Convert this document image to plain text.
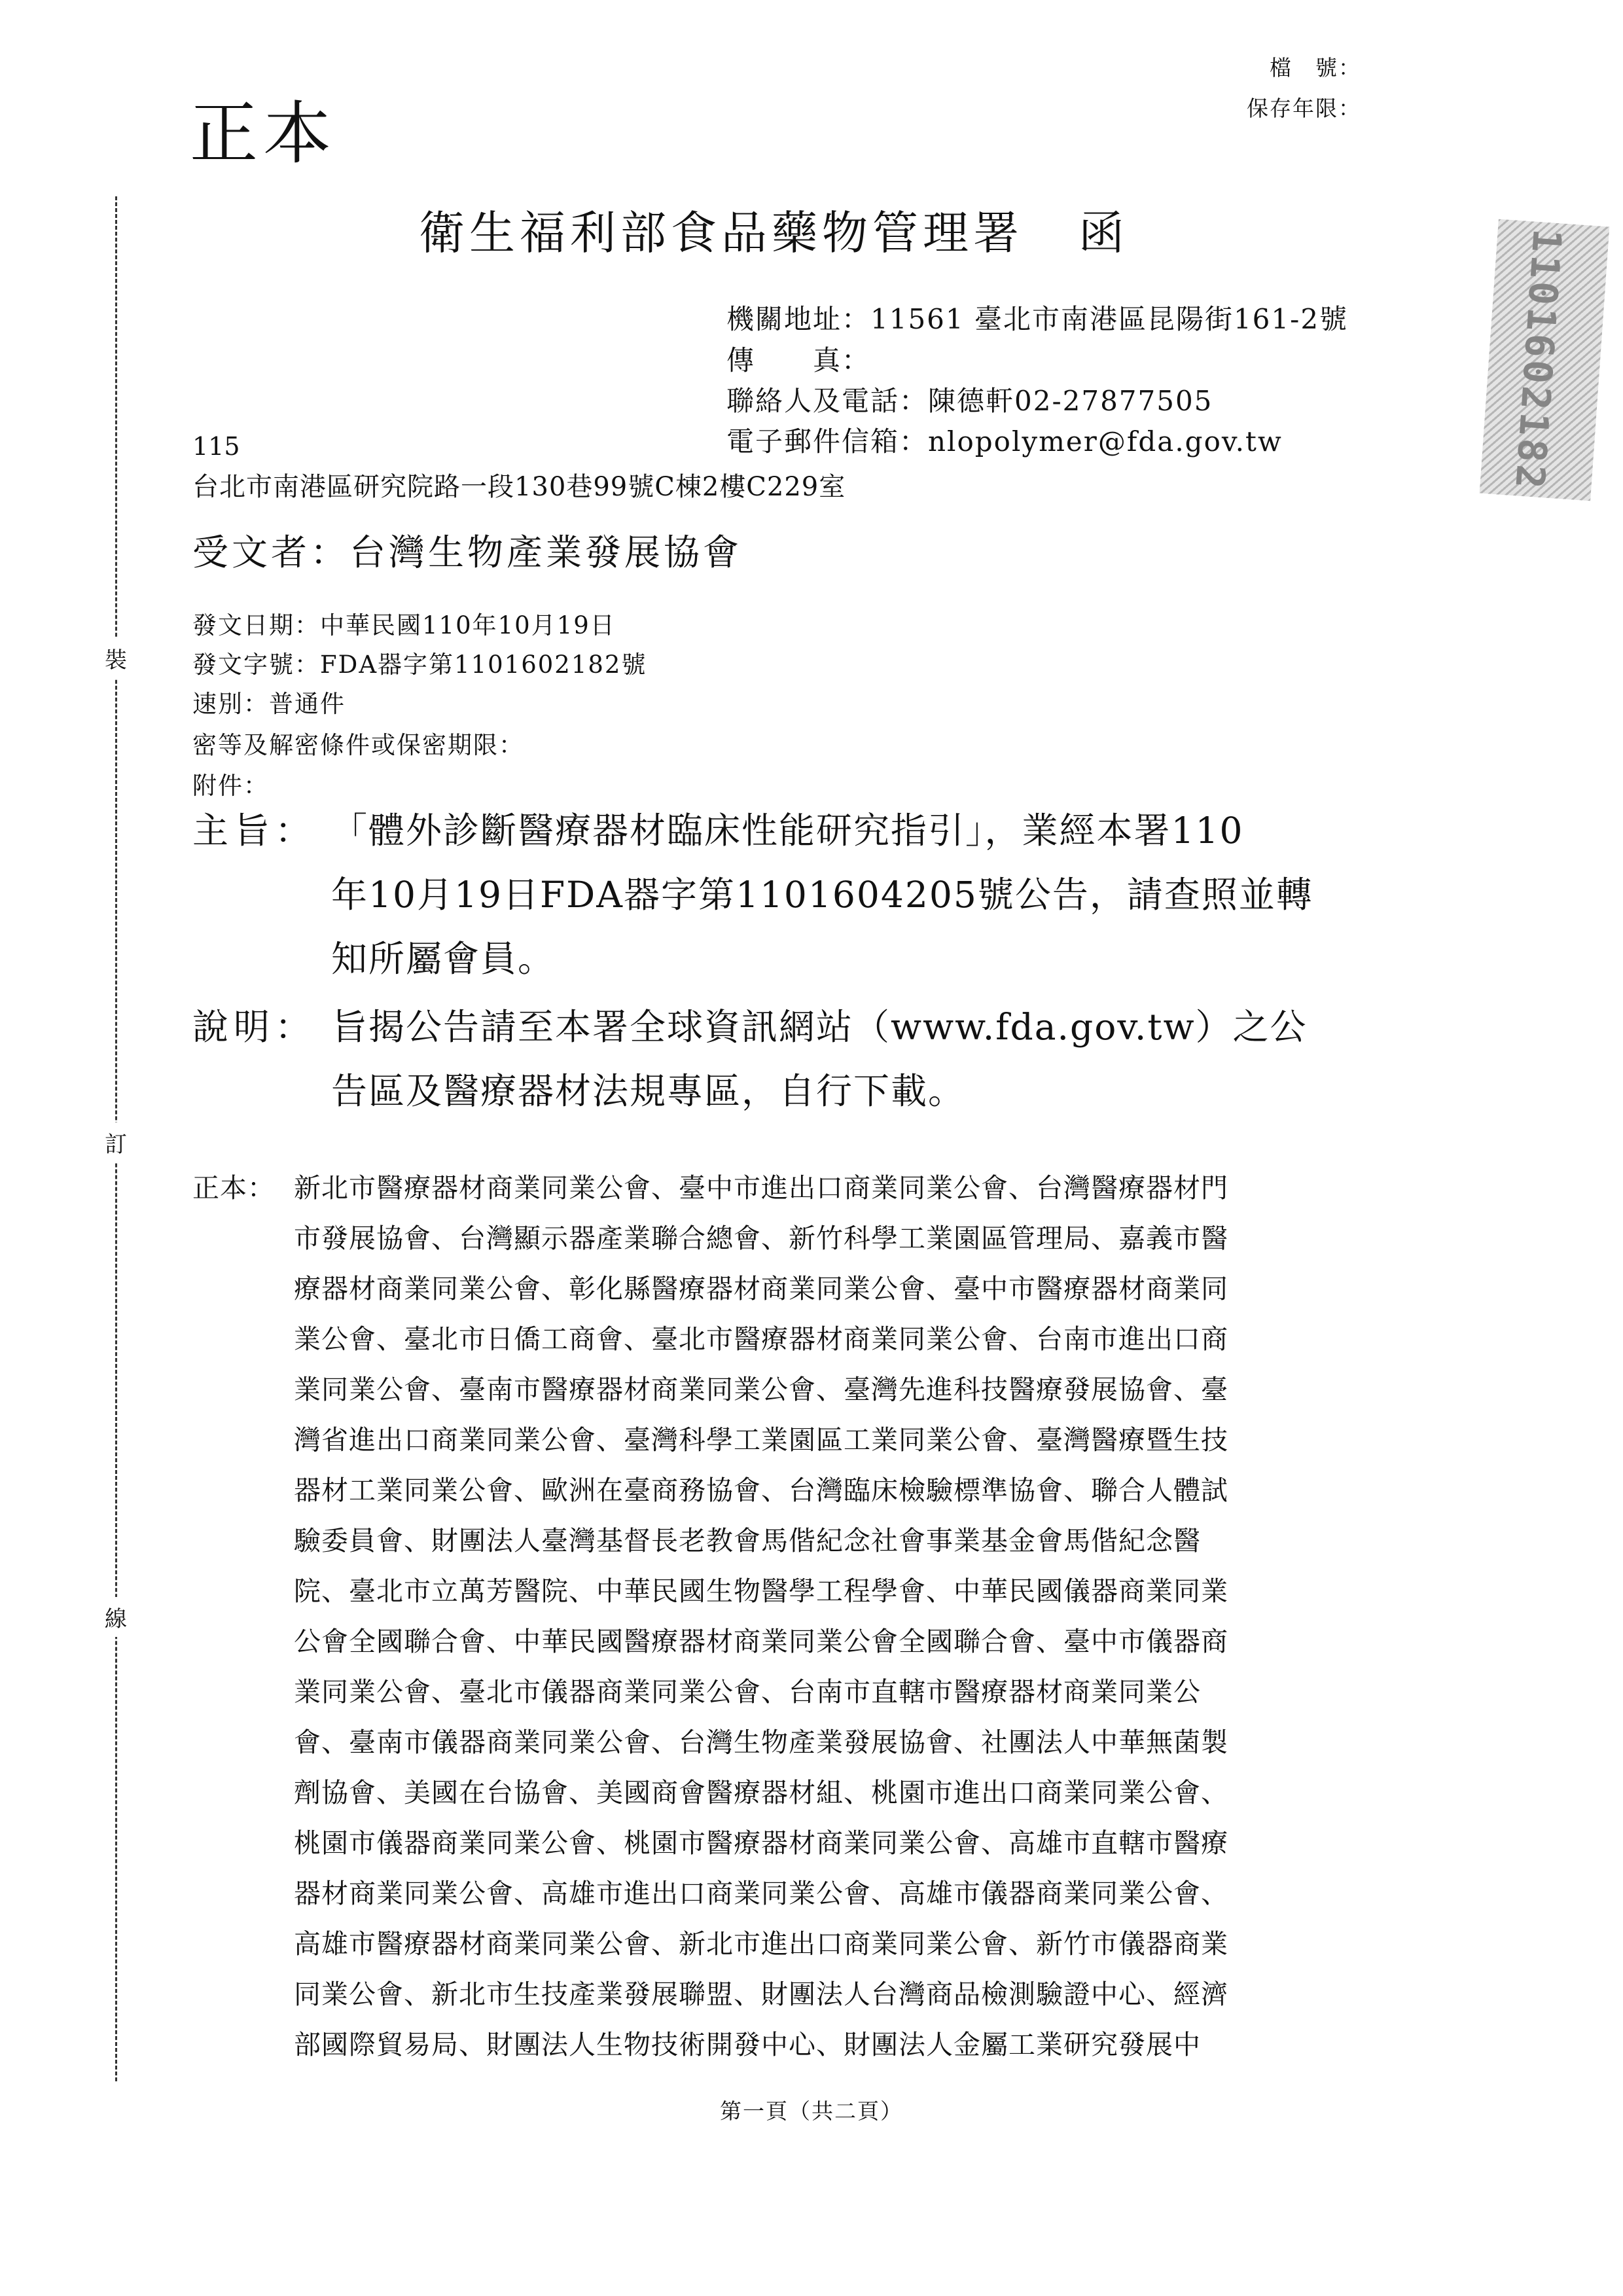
正本
檔　號：
保存年限：
衛生福利部食品藥物管理署 函
機關地址：11561 臺北市南港區昆陽街161-2號
傳　　真：
聯絡人及電話：陳德軒02-27877505
電子郵件信箱：nlopolymer@fda.gov.tw
115
台北市南港區研究院路一段130巷99號C棟2樓C229室
受文者：台灣生物產業發展協會
發文日期：中華民國110年10月19日
發文字號：FDA器字第1101602182號
速別：普通件
密等及解密條件或保密期限：
附件：
主旨： 「體外診斷醫療器材臨床性能研究指引」，業經本署110
年10月19日FDA器字第1101604205號公告，請查照並轉
知所屬會員。
說明： 旨揭公告請至本署全球資訊網站（www.fda.gov.tw）之公
告區及醫療器材法規專區，自行下載。
正本： 新北市醫療器材商業同業公會、臺中市進出口商業同業公會、台灣醫療器材門
市發展協會、台灣顯示器產業聯合總會、新竹科學工業園區管理局、嘉義市醫
療器材商業同業公會、彰化縣醫療器材商業同業公會、臺中市醫療器材商業同
業公會、臺北市日僑工商會、臺北市醫療器材商業同業公會、台南市進出口商
業同業公會、臺南市醫療器材商業同業公會、臺灣先進科技醫療發展協會、臺
灣省進出口商業同業公會、臺灣科學工業園區工業同業公會、臺灣醫療暨生技
器材工業同業公會、歐洲在臺商務協會、台灣臨床檢驗標準協會、聯合人體試
驗委員會、財團法人臺灣基督長老教會馬偕紀念社會事業基金會馬偕紀念醫
院、臺北市立萬芳醫院、中華民國生物醫學工程學會、中華民國儀器商業同業
公會全國聯合會、中華民國醫療器材商業同業公會全國聯合會、臺中市儀器商
業同業公會、臺北市儀器商業同業公會、台南市直轄市醫療器材商業同業公
會、臺南市儀器商業同業公會、台灣生物產業發展協會、社團法人中華無菌製
劑協會、美國在台協會、美國商會醫療器材組、桃園市進出口商業同業公會、
桃園市儀器商業同業公會、桃園市醫療器材商業同業公會、高雄市直轄市醫療
器材商業同業公會、高雄市進出口商業同業公會、高雄市儀器商業同業公會、
高雄市醫療器材商業同業公會、新北市進出口商業同業公會、新竹市儀器商業
同業公會、新北市生技產業發展聯盟、財團法人台灣商品檢測驗證中心、經濟
部國際貿易局、財團法人生物技術開發中心、財團法人金屬工業研究發展中
裝
訂
線
1101602182
第一頁（共二頁）
